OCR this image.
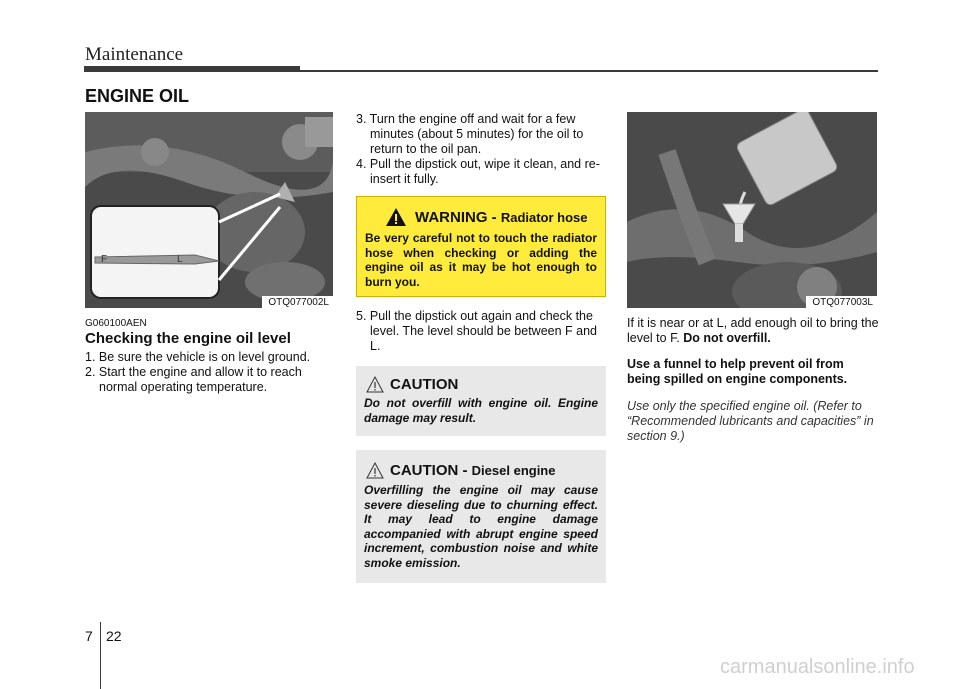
Maintenance
ENGINE OIL
F	L
OTQ077002L
G060100AEN
Checking the engine oil level
1. Be sure the vehicle is on level ground.
2. Start the engine and allow it to reach normal operating temperature.
3. Turn the engine off and wait for a few minutes (about 5 minutes) for the oil to return to the oil pan.
4. Pull the dipstick out, wipe it clean, and re-insert it fully.
WARNING - Radiator hose
Be very careful not to touch the radiator hose when checking or adding the engine oil as it may be hot enough to burn you.
5. Pull the dipstick out again and check the level. The level should be between F and L.
CAUTION
Do not overfill with engine oil. Engine damage may result.
CAUTION - Diesel engine
Overfilling the engine oil may cause severe dieseling due to churning effect. It may lead to engine damage accompanied with abrupt engine speed increment, combustion noise and white smoke emission.
OTQ077003L

If it is near or at L, add enough oil to bring the level to F. Do not overfill.

Use a funnel to help prevent oil from being spilled on engine components.

Use only the specified engine oil. (Refer to “Recommended lubricants and capacities” in section 9.)

7 22
carmanualsonline.info
